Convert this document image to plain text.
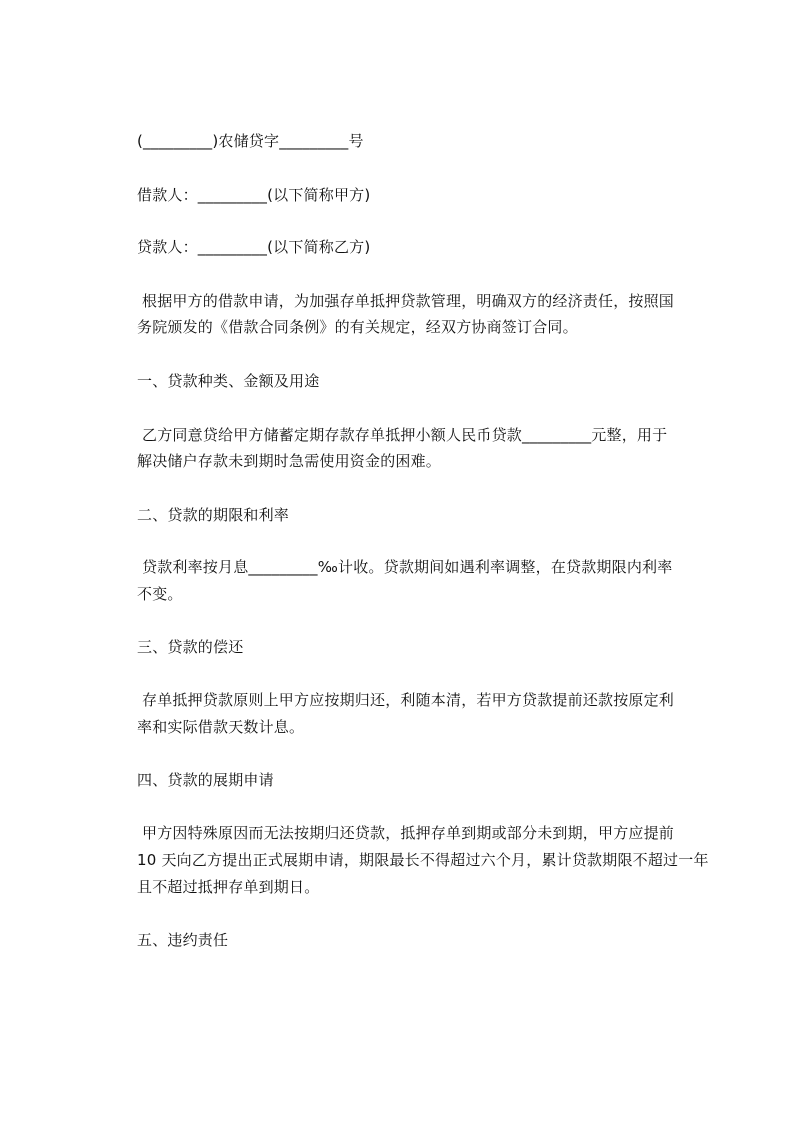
(_________)农储贷字_________号
借款人：_________(以下简称甲方)
贷款人：_________(以下简称乙方)
根据甲方的借款申请，为加强存单抵押贷款管理，明确双方的经济责任，按照国
务院颁发的《借款合同条例》的有关规定，经双方协商签订合同。
一、贷款种类、金额及用途
乙方同意贷给甲方储蓄定期存款存单抵押小额人民币贷款_________元整，用于
解决储户存款未到期时急需使用资金的困难。
二、贷款的期限和利率
贷款利率按月息_________‰计收。贷款期间如遇利率调整，在贷款期限内利率
不变。
三、贷款的偿还
存单抵押贷款原则上甲方应按期归还，利随本清，若甲方贷款提前还款按原定利
率和实际借款天数计息。
四、贷款的展期申请
甲方因特殊原因而无法按期归还贷款，抵押存单到期或部分未到期，甲方应提前
10 天向乙方提出正式展期申请，期限最长不得超过六个月，累计贷款期限不超过一年
且不超过抵押存单到期日。
五、违约责任
